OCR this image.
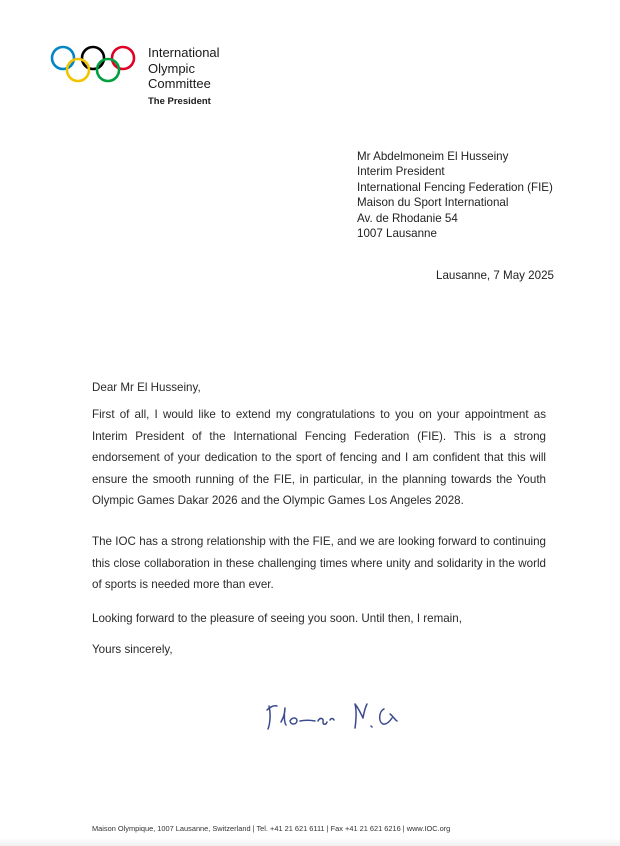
International
Olympic
Committee
The President
Mr Abdelmoneim El Husseiny
Interim President
International Fencing Federation (FIE)
Maison du Sport International
Av. de Rhodanie 54
1007 Lausanne
Lausanne, 7 May 2025
Dear Mr El Husseiny,

First of all, I would like to extend my congratulations to you on your appointment as Interim President of the International Fencing Federation (FIE). This is a strong endorsement of your dedication to the sport of fencing and I am confident that this will ensure the smooth running of the FIE, in particular, in the planning towards the Youth Olympic Games Dakar 2026 and the Olympic Games Los Angeles 2028.

The IOC has a strong relationship with the FIE, and we are looking forward to continuing this close collaboration in these challenging times where unity and solidarity in the world of sports is needed more than ever.

Looking forward to the pleasure of seeing you soon. Until then, I remain,

Yours sincerely,
Maison Olympique, 1007 Lausanne, Switzerland | Tel. +41 21 621 6111 | Fax +41 21 621 6216 | www.IOC.org
